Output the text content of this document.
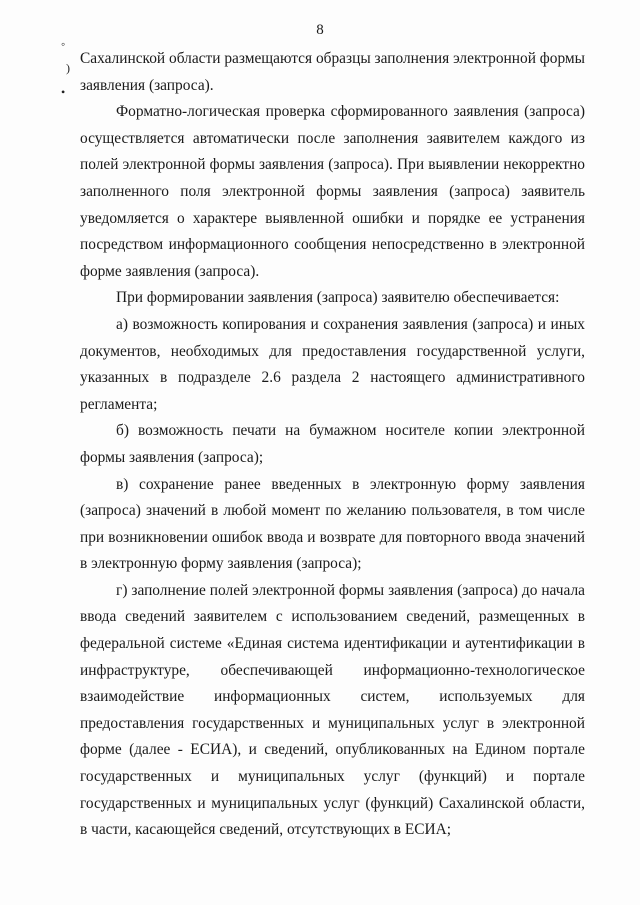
◦
)
•
8

Сахалинской области размещаются образцы заполнения электронной формы заявления (запроса).

Форматно-логическая проверка сформированного заявления (запроса) осуществляется автоматически после заполнения заявителем каждого из полей электронной формы заявления (запроса). При выявлении некорректно заполненного поля электронной формы заявления (запроса) заявитель уведомляется о характере выявленной ошибки и порядке ее устранения посредством информационного сообщения непосредственно в электронной форме заявления (запроса).

При формировании заявления (запроса) заявителю обеспечивается:

а) возможность копирования и сохранения заявления (запроса) и иных документов, необходимых для предоставления государственной услуги, указанных в подразделе 2.6 раздела 2 настоящего административного регламента;

б) возможность печати на бумажном носителе копии электронной формы заявления (запроса);

в) сохранение ранее введенных в электронную форму заявления (запроса) значений в любой момент по желанию пользователя, в том числе при возникновении ошибок ввода и возврате для повторного ввода значений в электронную форму заявления (запроса);

г) заполнение полей электронной формы заявления (запроса) до начала ввода сведений заявителем с использованием сведений, размещенных в федеральной системе «Единая система идентификации и аутентификации в инфраструктуре, обеспечивающей информационно-технологическое взаимодействие информационных систем, используемых для предоставления государственных и муниципальных услуг в электронной форме (далее - ЕСИА), и сведений, опубликованных на Едином портале государственных и муниципальных услуг (функций) и портале государственных и муниципальных услуг (функций) Сахалинской области, в части, касающейся сведений, отсутствующих в ЕСИА;
